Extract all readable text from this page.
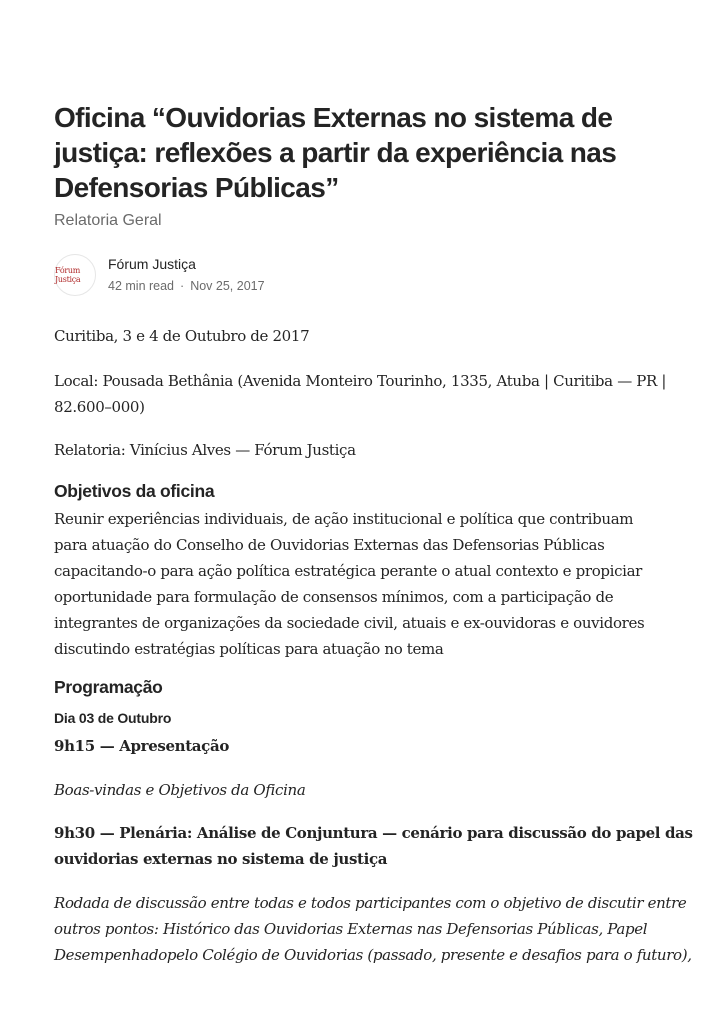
Oficina “Ouvidorias Externas no sistema de
justiça: reflexões a partir da experiência nas
Defensorias Públicas”
Relatoria Geral
Fórum Justiça
Fórum Justiça
42 min read · Nov 25, 2017

Curitiba, 3 e 4 de Outubro de 2017

Local: Pousada Bethânia (Avenida Monteiro Tourinho, 1335, Atuba | Curitiba — PR |
82.600–000)

Relatoria: Vinícius Alves — Fórum Justiça

Objetivos da oficina

Reunir experiências individuais, de ação institucional e política que contribuam
para atuação do Conselho de Ouvidorias Externas das Defensorias Públicas
capacitando-o para ação política estratégica perante o atual contexto e propiciar
oportunidade para formulação de consensos mínimos, com a participação de
integrantes de organizações da sociedade civil, atuais e ex-ouvidoras e ouvidores
discutindo estratégias políticas para atuação no tema

Programação
Dia 03 de Outubro

9h15 — Apresentação

Boas-vindas e Objetivos da Oficina

9h30 — Plenária: Análise de Conjuntura — cenário para discussão do papel das
ouvidorias externas no sistema de justiça

Rodada de discussão entre todas e todos participantes com o objetivo de discutir entre
outros pontos: Histórico das Ouvidorias Externas nas Defensorias Públicas, Papel
Desempenhadopelo Colégio de Ouvidorias (passado, presente e desafios para o futuro),
